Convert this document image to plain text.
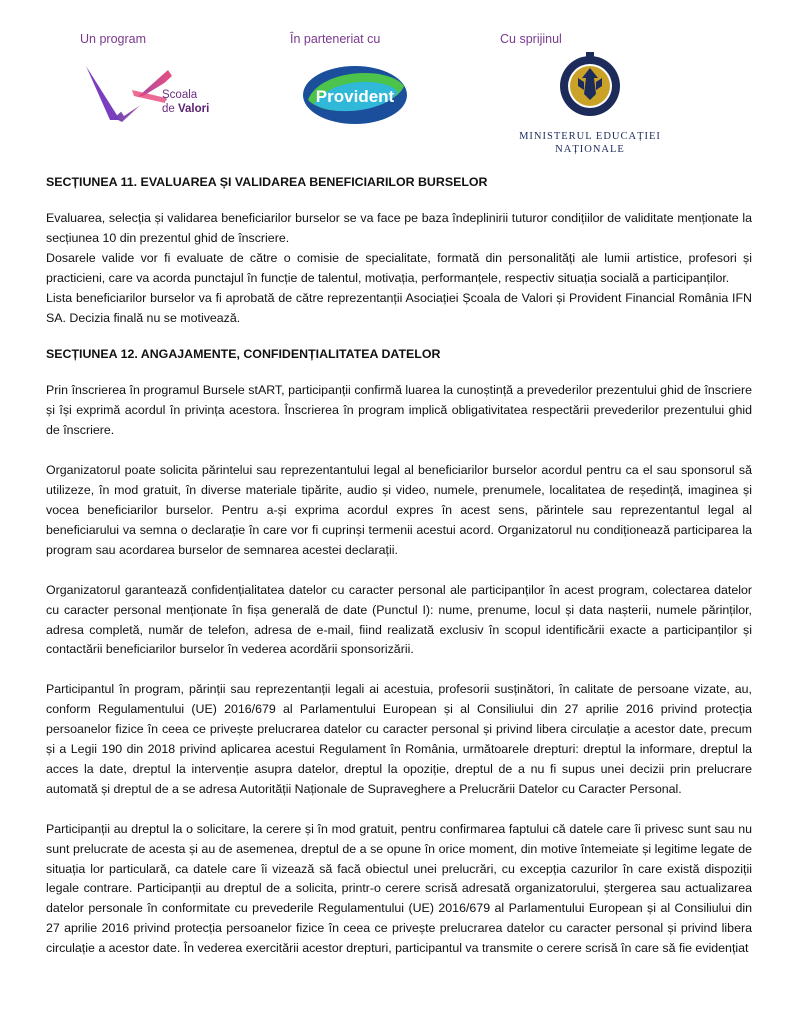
Un program	În parteneriat cu	Cu sprijinul
Școala
de Valori
Provident
MINISTERUL EDUCAȚIEI
NAȚIONALE
SECȚIUNEA 11. EVALUAREA ȘI VALIDAREA BENEFICIARILOR BURSELOR

Evaluarea, selecția și validarea beneficiarilor burselor se va face pe baza îndeplinirii tuturor condițiilor de validitate menționate la secțiunea 10 din prezentul ghid de înscriere.

Dosarele valide vor fi evaluate de către o comisie de specialitate, formată din personalități ale lumii artistice, profesori și practicieni, care va acorda punctajul în funcție de talentul, motivația, performanțele, respectiv situația socială a participanților.

Lista beneficiarilor burselor va fi aprobată de către reprezentanții Asociației Școala de Valori și Provident Financial România IFN SA. Decizia finală nu se motivează.

SECȚIUNEA 12. ANGAJAMENTE, CONFIDENȚIALITATEA DATELOR

Prin înscrierea în programul Bursele stART, participanții confirmă luarea la cunoștință a prevederilor prezentului ghid de înscriere și își exprimă acordul în privința acestora. Înscrierea în program implică obligativitatea respectării prevederilor prezentului ghid de înscriere.

Organizatorul poate solicita părintelui sau reprezentantului legal al beneficiarilor burselor acordul pentru ca el sau sponsorul să utilizeze, în mod gratuit, în diverse materiale tipărite, audio și video, numele, prenumele, localitatea de reședință, imaginea și vocea beneficiarilor burselor. Pentru a-și exprima acordul expres în acest sens, părintele sau reprezentantul legal al beneficiarului va semna o declarație în care vor fi cuprinși termenii acestui acord. Organizatorul nu condiționează participarea la program sau acordarea burselor de semnarea acestei declarații.

Organizatorul garantează confidențialitatea datelor cu caracter personal ale participanților în acest program, colectarea datelor cu caracter personal menționate în fișa generală de date (Punctul I): nume, prenume, locul și data nașterii, numele părinților, adresa completă, număr de telefon, adresa de e-mail, fiind realizată exclusiv în scopul identificării exacte a participanților și contactării beneficiarilor burselor în vederea acordării sponsorizării.

Participantul în program, părinții sau reprezentanții legali ai acestuia, profesorii susținători, în calitate de persoane vizate, au, conform Regulamentului (UE) 2016/679 al Parlamentului European și al Consiliului din 27 aprilie 2016 privind protecția persoanelor fizice în ceea ce privește prelucrarea datelor cu caracter personal și privind libera circulație a acestor date, precum și a Legii 190 din 2018 privind aplicarea acestui Regulament în România, următoarele drepturi: dreptul la informare, dreptul la acces la date, dreptul la intervenție asupra datelor, dreptul la opoziție, dreptul de a nu fi supus unei decizii prin prelucrare automată și dreptul de a se adresa Autorității Naționale de Supraveghere a Prelucrării Datelor cu Caracter Personal.

Participanții au dreptul la o solicitare, la cerere și în mod gratuit, pentru confirmarea faptului că datele care îi privesc sunt sau nu sunt prelucrate de acesta și au de asemenea, dreptul de a se opune în orice moment, din motive întemeiate și legitime legate de situația lor particulară, ca datele care îi vizează să facă obiectul unei prelucrări, cu excepția cazurilor în care există dispoziții legale contrare. Participanții au dreptul de a solicita, printr-o cerere scrisă adresată organizatorului, ștergerea sau actualizarea datelor personale în conformitate cu prevederile Regulamentului (UE) 2016/679 al Parlamentului European și al Consiliului din 27 aprilie 2016 privind protecția persoanelor fizice în ceea ce privește prelucrarea datelor cu caracter personal și privind libera circulație a acestor date. În vederea exercitării acestor drepturi, participantul va transmite o cerere scrisă în care să fie evidențiat
